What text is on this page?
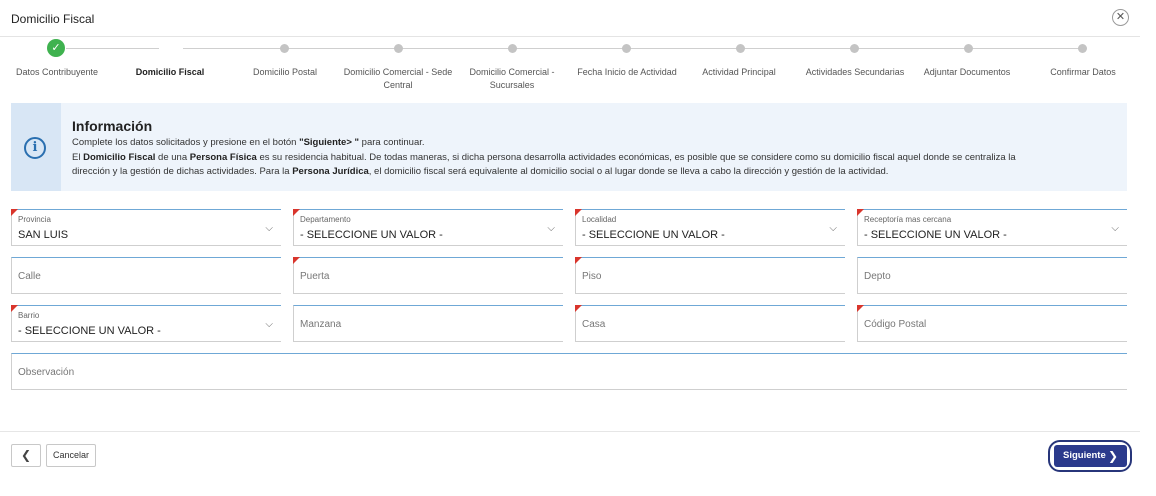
Domicilio Fiscal	✕
✓
Datos Contribuyente	Domicilio Fiscal	Domicilio Postal	Domicilio Comercial - Sede Central
Domicilio Comercial - Sucursales
Fecha Inicio de Actividad	Actividad Principal	Actividades Secundarias	Adjuntar Documentos	Confirmar Datos
i
Información
Complete los datos solicitados y presione en el botón "Siguiente> " para continuar.
El Domicilio Fiscal de una Persona Física es su residencia habitual. De todas maneras, si dicha persona desarrolla actividades económicas, es posible que se considere como su domicilio fiscal aquel donde se centraliza la
dirección y la gestión de dichas actividades. Para la Persona Jurídica, el domicilio fiscal será equivalente al domicilio social o al lugar donde se lleva a cabo la dirección y gestión de la actividad.
Provincia
SAN LUIS
⌵
Departamento
- SELECCIONE UN VALOR -
⌵
Localidad
- SELECCIONE UN VALOR -
⌵
Receptoría mas cercana
- SELECCIONE UN VALOR -
⌵
Calle	Puerta	Piso	Depto
Barrio
- SELECCIONE UN VALOR -
⌵	Manzana	Casa	Código Postal
Observación
❮	Cancelar	Siguiente ❯
